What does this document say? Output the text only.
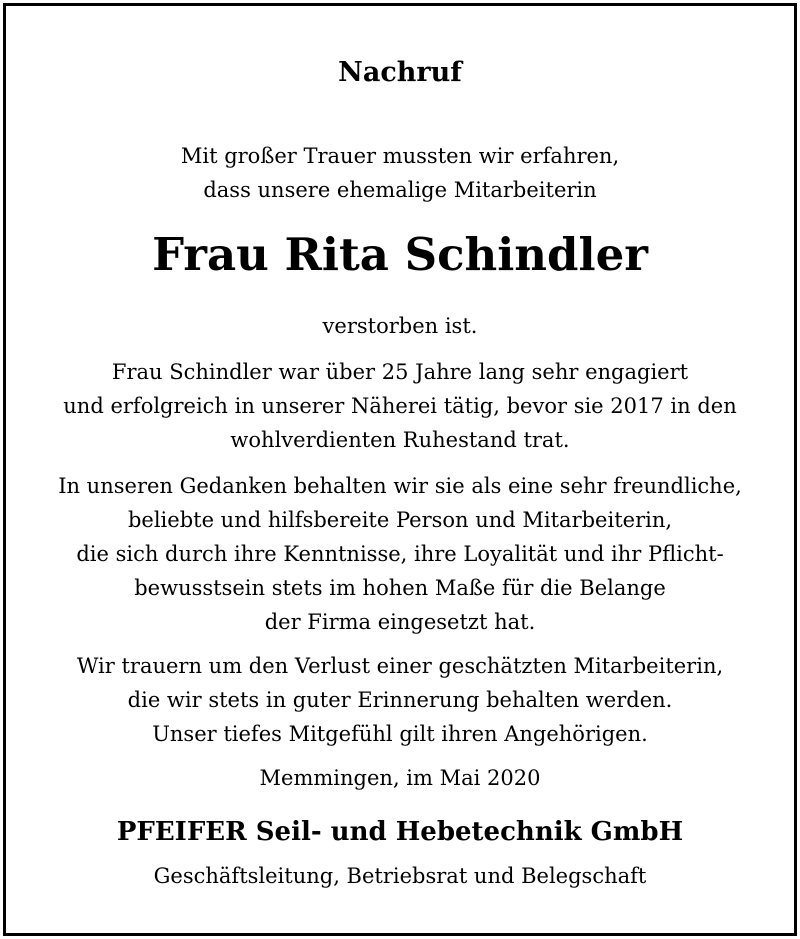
Nachruf
Mit großer Trauer mussten wir erfahren,
dass unsere ehemalige Mitarbeiterin
Frau Rita Schindler
verstorben ist.
Frau Schindler war über 25 Jahre lang sehr engagiert
und erfolgreich in unserer Näherei tätig, bevor sie 2017 in den
wohlverdienten Ruhestand trat.
In unseren Gedanken behalten wir sie als eine sehr freundliche,
beliebte und hilfsbereite Person und Mitarbeiterin,
die sich durch ihre Kenntnisse, ihre Loyalität und ihr Pflicht-
bewusstsein stets im hohen Maße für die Belange
der Firma eingesetzt hat.
Wir trauern um den Verlust einer geschätzten Mitarbeiterin,
die wir stets in guter Erinnerung behalten werden.
Unser tiefes Mitgefühl gilt ihren Angehörigen.
Memmingen, im Mai 2020
PFEIFER Seil- und Hebetechnik GmbH
Geschäftsleitung, Betriebsrat und Belegschaft
